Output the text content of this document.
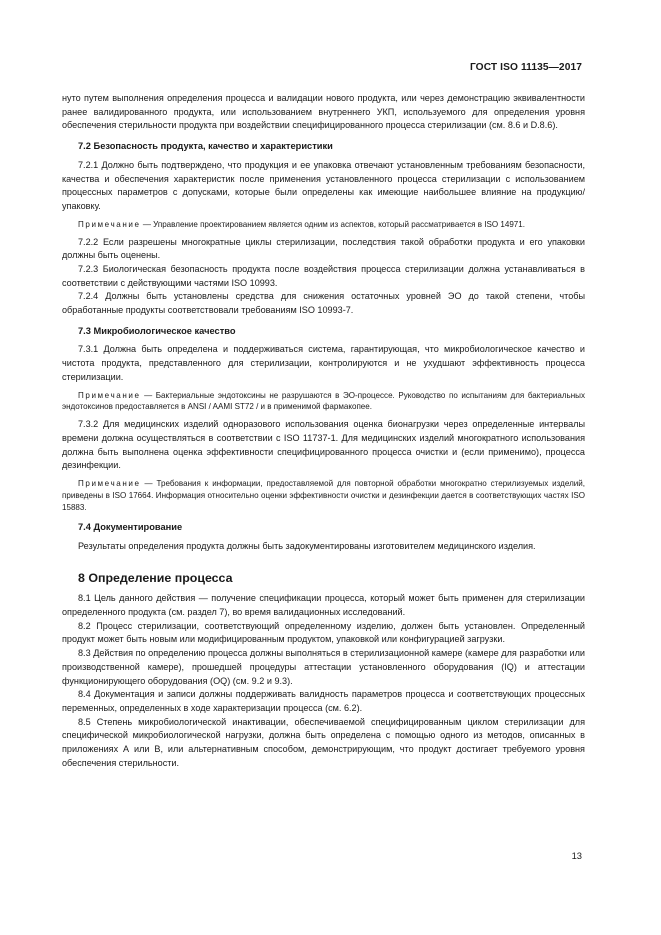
ГОСТ ISO 11135—2017

нуто путем выполнения определения процесса и валидации нового продукта, или через демонстрацию эквивалентности ранее валидированного продукта, или использованием внутреннего УКП, используемого для определения уровня обеспечения стерильности продукта при воздействии специфицированного процесса стерилизации (см. 8.6 и D.8.6).

7.2 Безопасность продукта, качество и характеристики

7.2.1 Должно быть подтверждено, что продукция и ее упаковка отвечают установленным требованиям безопасности, качества и обеспечения характеристик после применения установленного процесса стерилизации с использованием процессных параметров с допусками, которые были определены как имеющие наибольшее влияние на продукцию/упаковку.

Примечание — Управление проектированием является одним из аспектов, который рассматривается в ISO 14971.

7.2.2 Если разрешены многократные циклы стерилизации, последствия такой обработки продукта и его упаковки должны быть оценены.

7.2.3 Биологическая безопасность продукта после воздействия процесса стерилизации должна устанавливаться в соответствии с действующими частями ISO 10993.

7.2.4 Должны быть установлены средства для снижения остаточных уровней ЭО до такой степени, чтобы обработанные продукты соответствовали требованиям ISO 10993-7.

7.3 Микробиологическое качество

7.3.1 Должна быть определена и поддерживаться система, гарантирующая, что микробиологическое качество и чистота продукта, представленного для стерилизации, контролируются и не ухудшают эффективность процесса стерилизации.

Примечание — Бактериальные эндотоксины не разрушаются в ЭО-процессе. Руководство по испытаниям для бактериальных эндотоксинов предоставляется в ANSI / AAMI ST72 / и в применимой фармакопее.

7.3.2 Для медицинских изделий одноразового использования оценка бионагрузки через определенные интервалы времени должна осуществляться в соответствии с ISO 11737-1. Для медицинских изделий многократного использования должна быть выполнена оценка эффективности специфицированного процесса очистки и (если применимо), процесса дезинфекции.

Примечание — Требования к информации, предоставляемой для повторной обработки многократно стерилизуемых изделий, приведены в ISO 17664. Информация относительно оценки эффективности очистки и дезинфекции дается в соответствующих частях ISO 15883.

7.4 Документирование

Результаты определения продукта должны быть задокументированы изготовителем медицинского изделия.

8 Определение процесса

8.1 Цель данного действия — получение спецификации процесса, который может быть применен для стерилизации определенного продукта (см. раздел 7), во время валидационных исследований.

8.2 Процесс стерилизации, соответствующий определенному изделию, должен быть установлен. Определенный продукт может быть новым или модифицированным продуктом, упаковкой или конфигурацией загрузки.

8.3 Действия по определению процесса должны выполняться в стерилизационной камере (камере для разработки или производственной камере), прошедшей процедуры аттестации установленного оборудования (IQ) и аттестации функционирующего оборудования (OQ) (см. 9.2 и 9.3).

8.4 Документация и записи должны поддерживать валидность параметров процесса и соответствующих процессных переменных, определенных в ходе характеризации процесса (см. 6.2).

8.5 Степень микробиологической инактивации, обеспечиваемой специфицированным циклом стерилизации для специфической микробиологической нагрузки, должна быть определена с помощью одного из методов, описанных в приложениях А или В, или альтернативным способом, демонстрирующим, что продукт достигает требуемого уровня обеспечения стерильности.

13
